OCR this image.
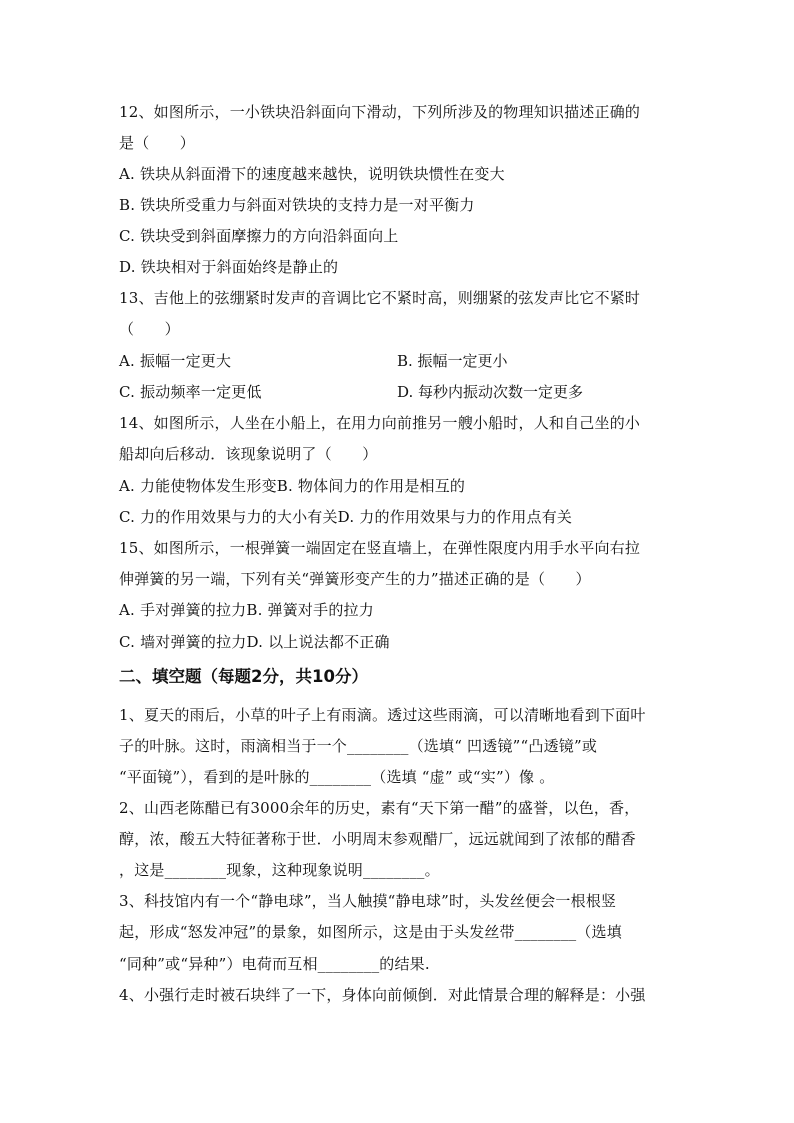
12、如图所示，一小铁块沿斜面向下滑动，下列所涉及的物理知识描述正确的
是（　　）
A. 铁块从斜面滑下的速度越来越快，说明铁块惯性在变大
B. 铁块所受重力与斜面对铁块的支持力是一对平衡力
C. 铁块受到斜面摩擦力的方向沿斜面向上
D. 铁块相对于斜面始终是静止的
13、吉他上的弦绷紧时发声的音调比它不紧时高，则绷紧的弦发声比它不紧时
（　　）
A. 振幅一定更大	B. 振幅一定更小
C. 振动频率一定更低	D. 每秒内振动次数一定更多
14、如图所示，人坐在小船上，在用力向前推另一艘小船时，人和自己坐的小
船却向后移动．该现象说明了（　　）
A. 力能使物体发生形变B. 物体间力的作用是相互的
C. 力的作用效果与力的大小有关D. 力的作用效果与力的作用点有关
15、如图所示，一根弹簧一端固定在竖直墙上，在弹性限度内用手水平向右拉
伸弹簧的另一端，下列有关“弹簧形变产生的力”描述正确的是（　　）
A. 手对弹簧的拉力B. 弹簧对手的拉力
C. 墙对弹簧的拉力D. 以上说法都不正确
二、填空题（每题2分，共10分）
1、夏天的雨后，小草的叶子上有雨滴。透过这些雨滴，可以清晰地看到下面叶
子的叶脉。这时，雨滴相当于一个________（选填“ 凹透镜”“凸透镜”或
“平面镜”），看到的是叶脉的________（选填 “虚” 或“实”）像 。
2、山西老陈醋已有3000余年的历史，素有“天下第一醋”的盛誉，以色，香，
醇，浓，酸五大特征著称于世．小明周末参观醋厂，远远就闻到了浓郁的醋香
，这是________现象，这种现象说明________。
3、科技馆内有一个“静电球”，当人触摸“静电球”时，头发丝便会一根根竖
起，形成“怒发冲冠”的景象，如图所示，这是由于头发丝带________（选填
“同种”或“异种”）电荷而互相________的结果.
4、小强行走时被石块绊了一下，身体向前倾倒．对此情景合理的解释是：小强
